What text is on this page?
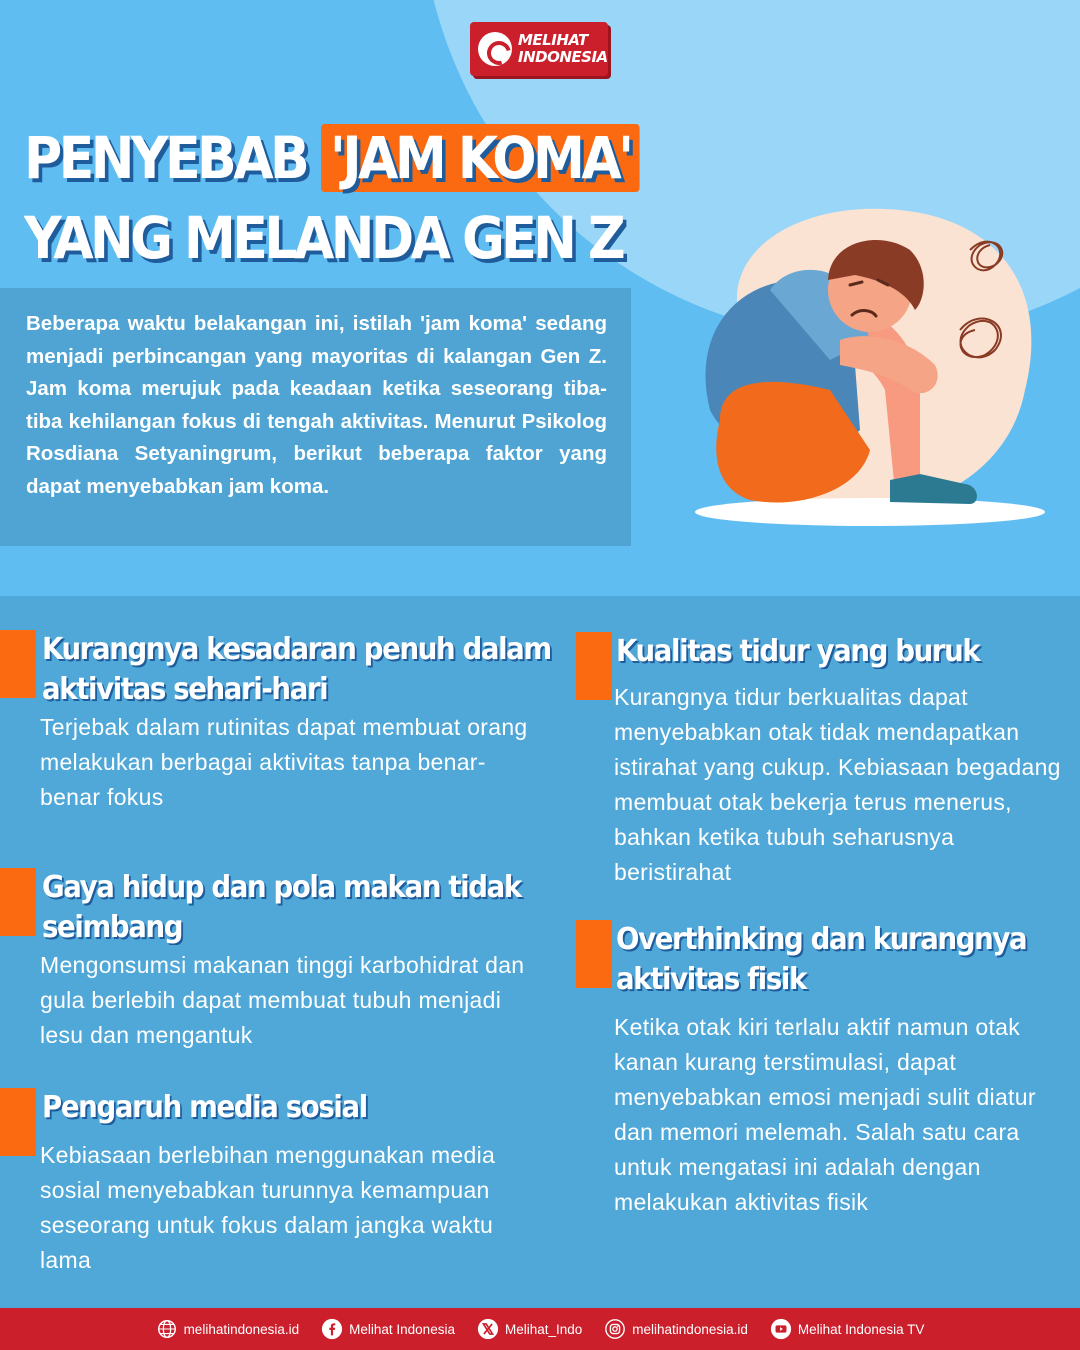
MELIHAT
INDONESIA
PENYEBAB 'JAM KOMA'
YANG MELANDA GEN Z
Beberapa waktu belakangan ini, istilah 'jam koma' sedang menjadi perbincangan yang mayoritas di kalangan Gen Z. Jam koma merujuk pada keadaan ketika seseorang tiba-tiba kehilangan fokus di tengah aktivitas. Menurut Psikolog Rosdiana Setyaningrum, berikut beberapa faktor yang dapat menyebabkan jam koma.
Kurangnya kesadaran penuh dalam
aktivitas sehari-hari

Terjebak dalam rutinitas dapat membuat orang melakukan berbagai aktivitas tanpa benar-benar fokus

Gaya hidup dan pola makan tidak
seimbang

Mengonsumsi makanan tinggi karbohidrat dan gula berlebih dapat membuat tubuh menjadi lesu dan mengantuk

Pengaruh media sosial

Kebiasaan berlebihan menggunakan media sosial menyebabkan turunnya kemampuan seseorang untuk fokus dalam jangka waktu lama

Kualitas tidur yang buruk

Kurangnya tidur berkualitas dapat menyebabkan otak tidak mendapatkan istirahat yang cukup. Kebiasaan begadang membuat otak bekerja terus menerus, bahkan ketika tubuh seharusnya beristirahat

Overthinking dan kurangnya
aktivitas fisik

Ketika otak kiri terlalu aktif namun otak kanan kurang terstimulasi, dapat menyebabkan emosi menjadi sulit diatur dan memori melemah. Salah satu cara untuk mengatasi ini adalah dengan melakukan aktivitas fisik

melihatindonesia.id	Melihat Indonesia	Melihat_Indo	melihatindonesia.id	Melihat Indonesia TV
